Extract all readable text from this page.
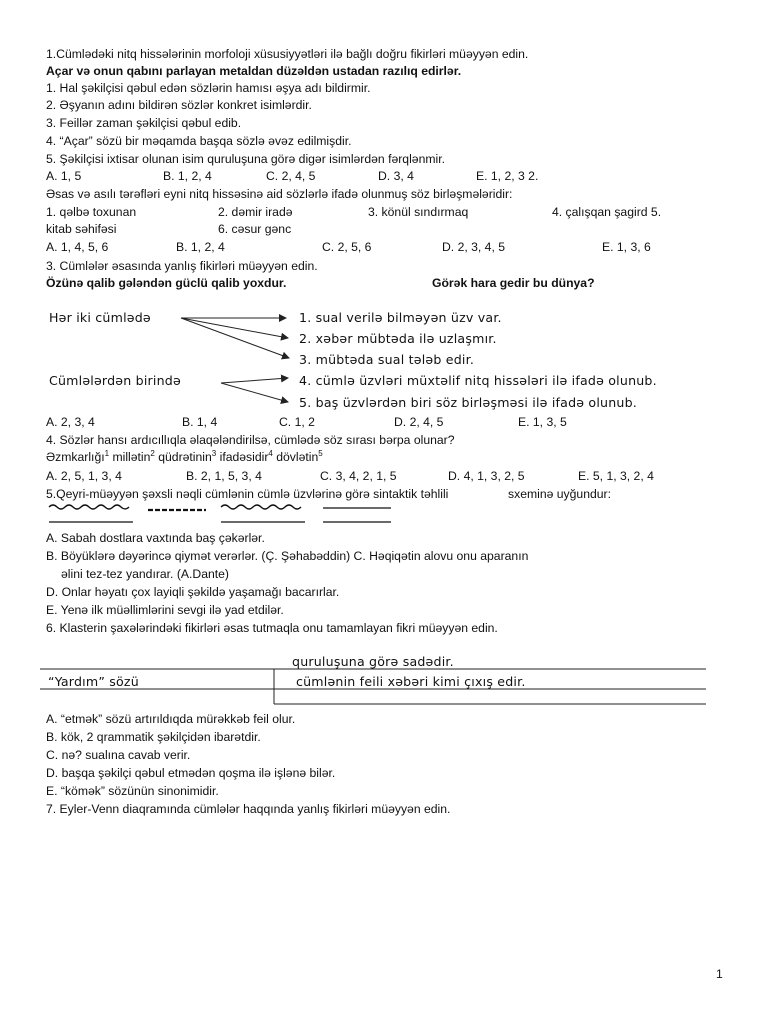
1.Cümlədəki nitq hissələrinin morfoloji xüsusiyyətləri ilə bağlı doğru fikirləri müəyyən edin.
Açar və onun qabını parlayan metaldan düzəldən ustadan razılıq edirlər.
1. Hal şəkilçisi qəbul edən sözlərin hamısı əşya adı bildirmir.
2. Əşyanın adını bildirən sözlər konkret isimlərdir.
3. Feillər zaman şəkilçisi qəbul edib.
4. “Açar” sözü bir məqamda başqa sözlə əvəz edilmişdir.
5. Şəkilçisi ixtisar olunan isim quruluşuna görə digər isimlərdən fərqlənmir.
A. 1, 5	B. 1, 2, 4	C. 2, 4, 5	D. 3, 4	E. 1, 2, 3 2.
Əsas və asılı tərəfləri eyni nitq hissəsinə aid sözlərlə ifadə olunmuş söz birləşmələridir:
1. qəlbə toxunan	2. dəmir iradə	3. könül sındırmaq	4. çalışqan şagird 5.
kitab səhifəsi	6. cəsur gənc
A. 1, 4, 5, 6	B. 1, 2, 4	C. 2, 5, 6	D. 2, 3, 4, 5	E. 1, 3, 6
3. Cümlələr əsasında yanlış fikirləri müəyyən edin.
Özünə qalib gələndən güclü qalib yoxdur.	Görək hara gedir bu dünya?
Hər iki cümlədə
Cümlələrdən birində
1. sual verilə bilməyən üzv var.
2. xəbər mübtəda ilə uzlaşmır.
3. mübtəda sual tələb edir.
4. cümlə üzvləri müxtəlif nitq hissələri ilə ifadə olunub.
5. baş üzvlərdən biri söz birləşməsi ilə ifadə olunub.
A. 2, 3, 4	B. 1, 4	C. 1, 2	D. 2, 4, 5	E. 1, 3, 5
4. Sözlər hansı ardıcıllıqla əlaqələndirilsə, cümlədə söz sırası bərpa olunar?
Əzmkarlığı$^1$ millətin$^2$ qüdrətinin$^3$ ifadəsidir$^4$ dövlətin$^5$
A. 2, 5, 1, 3, 4	B. 2, 1, 5, 3, 4	C. 3, 4, 2, 1, 5	D. 4, 1, 3, 2, 5	E. 5, 1, 3, 2, 4
5.Qeyri-müəyyən şəxsli nəqli cümlənin cümlə üzvlərinə görə sintaktik təhlili	sxeminə uyğundur:
A. Sabah dostlara vaxtında baş çəkərlər.
B. Böyüklərə dəyərincə qiymət verərlər. (Ç. Şəhabəddin) C. Həqiqətin alovu onu aparanın
əlini tez-tez yandırar. (A.Dante)
D. Onlar həyatı çox layiqli şəkildə yaşamağı bacarırlar.
E. Yenə ilk müəllimlərini sevgi ilə yad etdilər.
6. Klasterin şaxələrindəki fikirləri əsas tutmaqla onu tamamlayan fikri müəyyən edin.
quruluşuna görə sadədir.
“Yardım” sözü	cümlənin feili xəbəri kimi çıxış edir.
A. “etmək” sözü artırıldıqda mürəkkəb feil olur.
B. kök, 2 qrammatik şəkilçidən ibarətdir.
C. nə? sualına cavab verir.
D. başqa şəkilçi qəbul etmədən qoşma ilə işlənə bilər.
E. “kömək” sözünün sinonimidir.
7. Eyler-Venn diaqramında cümlələr haqqında yanlış fikirləri müəyyən edin.
1
